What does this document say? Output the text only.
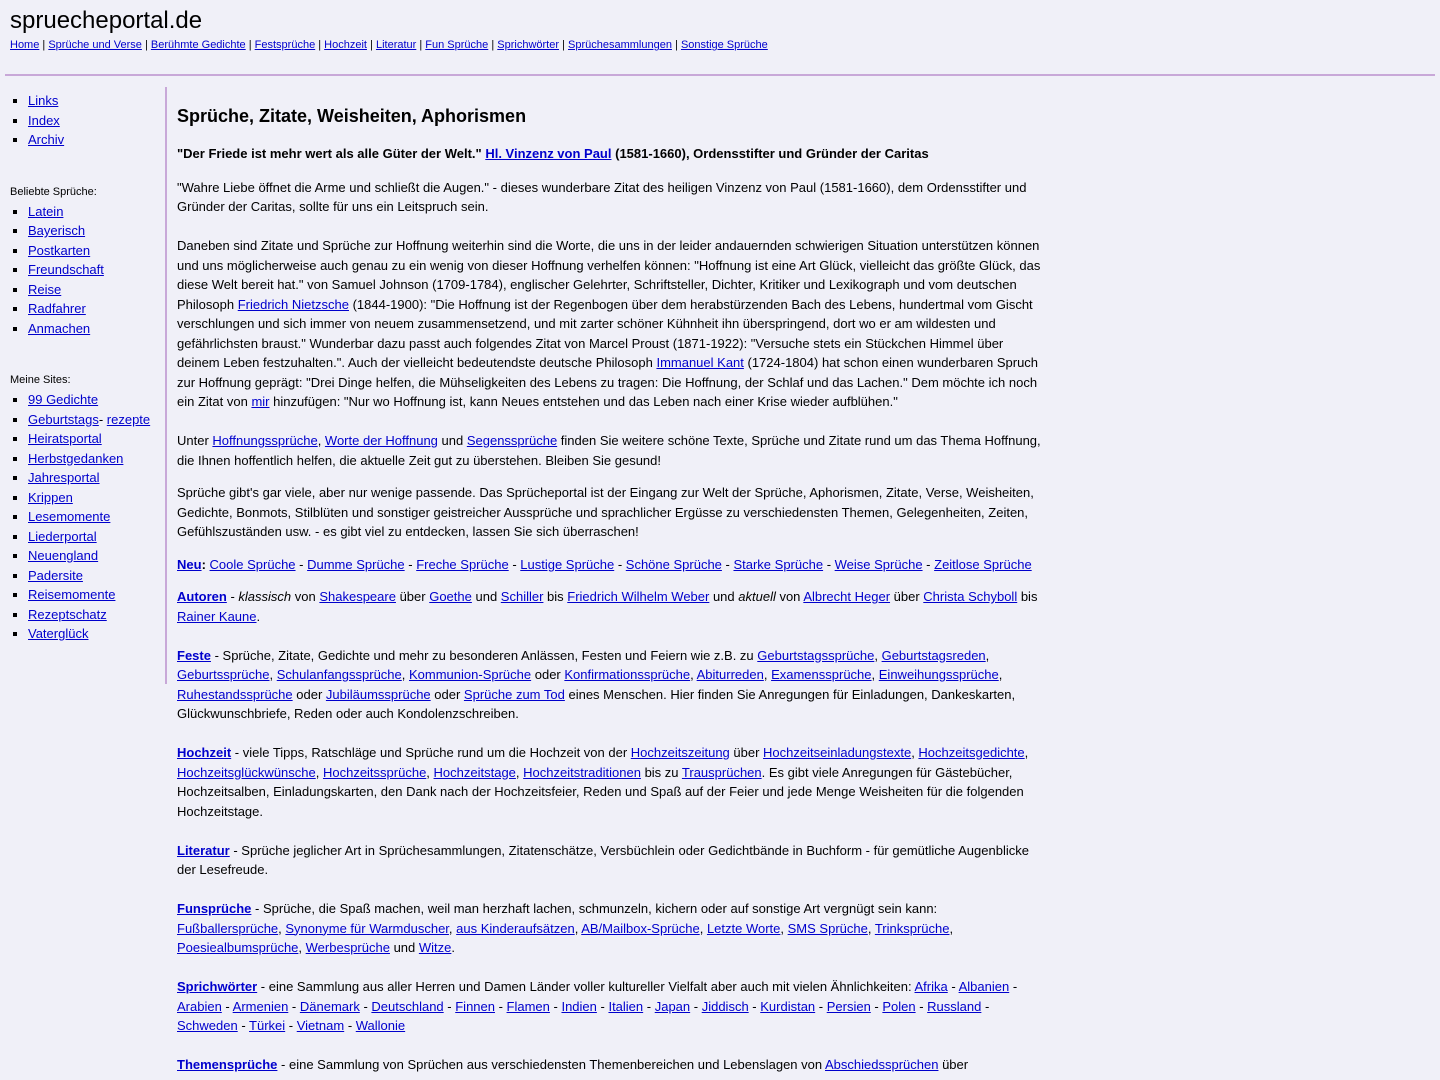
spruecheportal.de
Home | Sprüche und Verse | Berühmte Gedichte | Festsprüche | Hochzeit | Literatur | Fun Sprüche | Sprichwörter | Sprüchesammlungen | Sonstige Sprüche
▪ Links
▪ Index
▪ Archiv

Beliebte Sprüche:

▪ Latein
▪ Bayerisch
▪ Postkarten
▪ Freundschaft
▪ Reise
▪ Radfahrer
▪ Anmachen

Meine Sites:

▪ 99 Gedichte
▪ Geburtstags- rezepte
▪ Heiratsportal
▪ Herbstgedanken
▪ Jahresportal
▪ Krippen
▪ Lesemomente
▪ Liederportal
▪ Neuengland
▪ Padersite
▪ Reisemomente
▪ Rezeptschatz
▪ Vaterglück
Sprüche, Zitate, Weisheiten, Aphorismen

"Der Friede ist mehr wert als alle Güter der Welt." Hl. Vinzenz von Paul (1581-1660), Ordensstifter und Gründer der Caritas

"Wahre Liebe öffnet die Arme und schließt die Augen." - dieses wunderbare Zitat des heiligen Vinzenz von Paul (1581-1660), dem Ordensstifter und Gründer der Caritas, sollte für uns ein Leitspruch sein.

Daneben sind Zitate und Sprüche zur Hoffnung weiterhin sind die Worte, die uns in der leider andauernden schwierigen Situation unterstützen können und uns möglicherweise auch genau zu ein wenig von dieser Hoffnung verhelfen können: "Hoffnung ist eine Art Glück, vielleicht das größte Glück, das diese Welt bereit hat." von Samuel Johnson (1709-1784), englischer Gelehrter, Schriftsteller, Dichter, Kritiker und Lexikograph und vom deutschen Philosoph Friedrich Nietzsche (1844-1900): "Die Hoffnung ist der Regenbogen über dem herabstürzenden Bach des Lebens, hundertmal vom Gischt verschlungen und sich immer von neuem zusammensetzend, und mit zarter schöner Kühnheit ihn überspringend, dort wo er am wildesten und gefährlichsten braust." Wunderbar dazu passt auch folgendes Zitat von Marcel Proust (1871-1922): "Versuche stets ein Stückchen Himmel über deinem Leben festzuhalten.". Auch der vielleicht bedeutendste deutsche Philosoph Immanuel Kant (1724-1804) hat schon einen wunderbaren Spruch zur Hoffnung geprägt: "Drei Dinge helfen, die Mühseligkeiten des Lebens zu tragen: Die Hoffnung, der Schlaf und das Lachen." Dem möchte ich noch ein Zitat von mir hinzufügen: "Nur wo Hoffnung ist, kann Neues entstehen und das Leben nach einer Krise wieder aufblühen."

Unter Hoffnungssprüche, Worte der Hoffnung und Segenssprüche finden Sie weitere schöne Texte, Sprüche und Zitate rund um das Thema Hoffnung, die Ihnen hoffentlich helfen, die aktuelle Zeit gut zu überstehen. Bleiben Sie gesund!

Sprüche gibt's gar viele, aber nur wenige passende. Das Sprücheportal ist der Eingang zur Welt der Sprüche, Aphorismen, Zitate, Verse, Weisheiten, Gedichte, Bonmots, Stilblüten und sonstiger geistreicher Aussprüche und sprachlicher Ergüsse zu verschiedensten Themen, Gelegenheiten, Zeiten, Gefühlszuständen usw. - es gibt viel zu entdecken, lassen Sie sich überraschen!

Neu: Coole Sprüche - Dumme Sprüche - Freche Sprüche - Lustige Sprüche - Schöne Sprüche - Starke Sprüche - Weise Sprüche - Zeitlose Sprüche

Autoren - klassisch von Shakespeare über Goethe und Schiller bis Friedrich Wilhelm Weber und aktuell von Albrecht Heger über Christa Schyboll bis Rainer Kaune.

Feste - Sprüche, Zitate, Gedichte und mehr zu besonderen Anlässen, Festen und Feiern wie z.B. zu Geburtstagssprüche, Geburtstagsreden, Geburtssprüche, Schulanfangssprüche, Kommunion-Sprüche oder Konfirmationssprüche, Abiturreden, Examenssprüche, Einweihungssprüche, Ruhestandssprüche oder Jubiläumssprüche oder Sprüche zum Tod eines Menschen. Hier finden Sie Anregungen für Einladungen, Dankeskarten, Glückwunschbriefe, Reden oder auch Kondolenzschreiben.

Hochzeit - viele Tipps, Ratschläge und Sprüche rund um die Hochzeit von der Hochzeitszeitung über Hochzeitseinladungstexte, Hochzeitsgedichte, Hochzeitsglückwünsche, Hochzeitssprüche, Hochzeitstage, Hochzeitstraditionen bis zu Trausprüchen. Es gibt viele Anregungen für Gästebücher, Hochzeitsalben, Einladungskarten, den Dank nach der Hochzeitsfeier, Reden und Spaß auf der Feier und jede Menge Weisheiten für die folgenden Hochzeitstage.

Literatur - Sprüche jeglicher Art in Sprüchesammlungen, Zitatenschätze, Versbüchlein oder Gedichtbände in Buchform - für gemütliche Augenblicke der Lesefreude.

Funsprüche - Sprüche, die Spaß machen, weil man herzhaft lachen, schmunzeln, kichern oder auf sonstige Art vergnügt sein kann:
Fußballersprüche, Synonyme für Warmduscher, aus Kinderaufsätzen, AB/Mailbox-Sprüche, Letzte Worte, SMS Sprüche, Trinksprüche, Poesiealbumsprüche, Werbesprüche und Witze.

Sprichwörter - eine Sammlung aus aller Herren und Damen Länder voller kultureller Vielfalt aber auch mit vielen Ähnlichkeiten: Afrika - Albanien - Arabien - Armenien - Dänemark - Deutschland - Finnen - Flamen - Indien - Italien - Japan - Jiddisch - Kurdistan - Persien - Polen - Russland - Schweden - Türkei - Vietnam - Wallonie

Themensprüche - eine Sammlung von Sprüchen aus verschiedensten Themenbereichen und Lebenslagen von Abschiedssprüchen über
